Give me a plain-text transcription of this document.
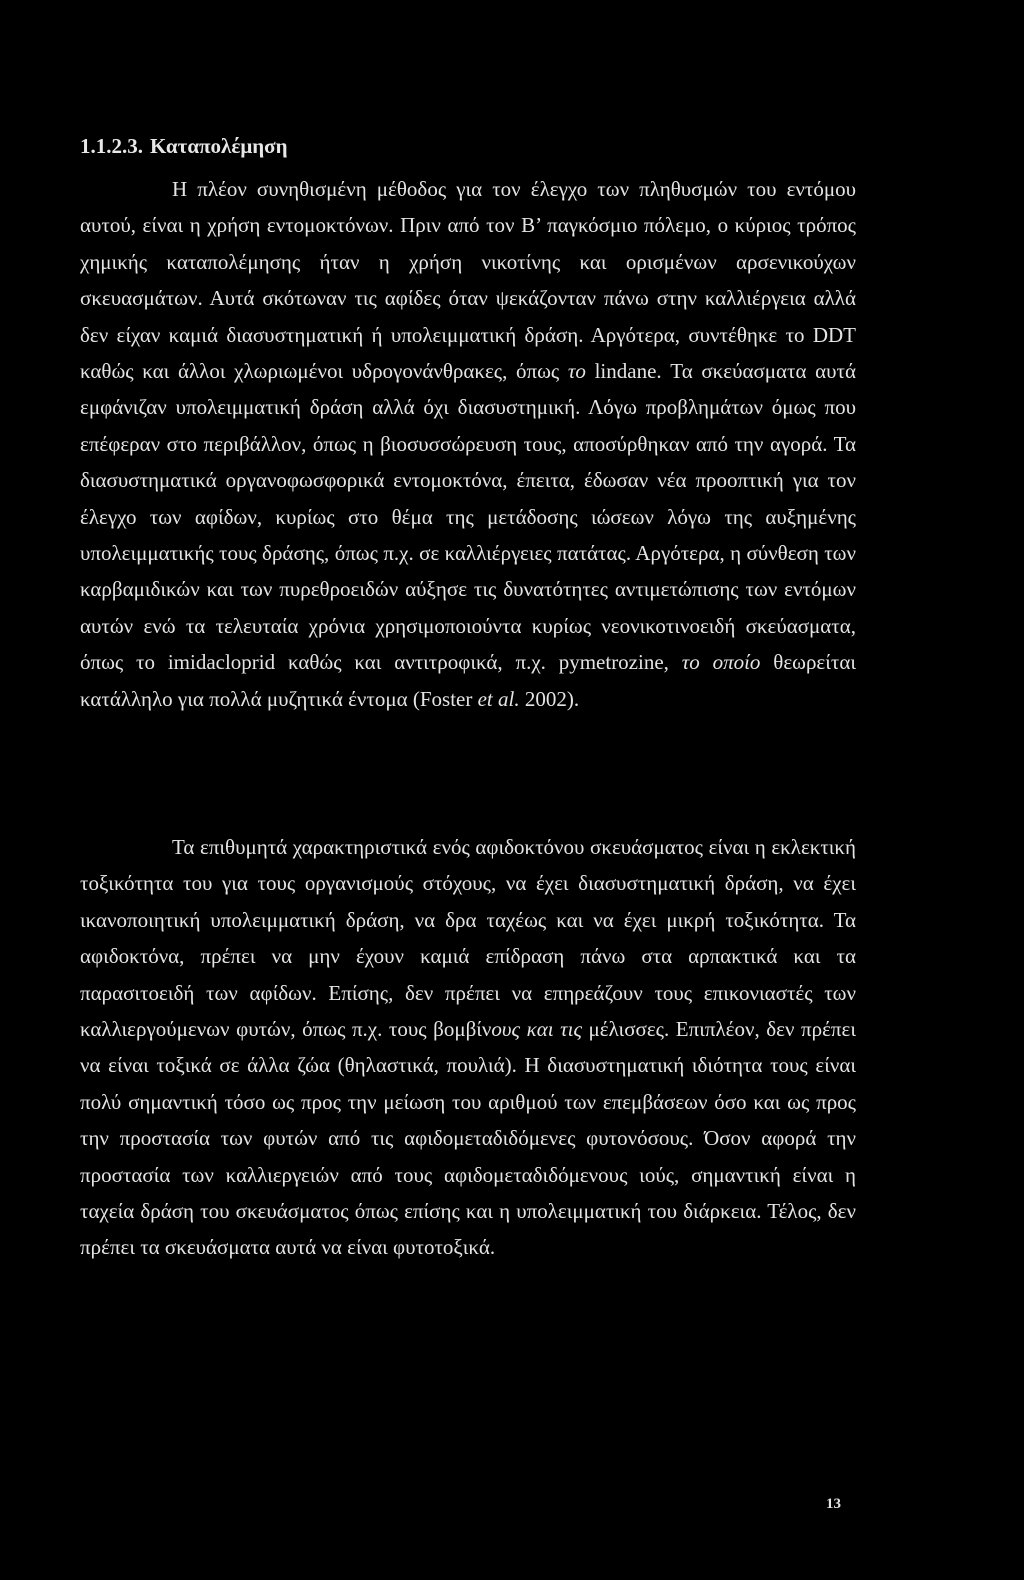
1.1.2.3. Καταπολέμηση

Η πλέον συνηθισμένη μέθοδος για τον έλεγχο των πληθυσμών του εντόμου αυτού, είναι η χρήση εντομοκτόνων. Πριν από τον Β’ παγκόσμιο πόλεμο, ο κύριος τρόπος χημικής καταπολέμησης ήταν η χρήση νικοτίνης και ορισμένων αρσενικούχων σκευασμάτων. Αυτά σκότωναν τις αφίδες όταν ψεκάζονταν πάνω στην καλλιέργεια αλλά δεν είχαν καμιά διασυστηματική ή υπολειμματική δράση. Αργότερα, συντέθηκε το DDT καθώς και άλλοι χλωριωμένοι υδρογονάνθρακες, όπως το lindane. Τα σκεύασματα αυτά εμφάνιζαν υπολειμματική δράση αλλά όχι διασυστημική. Λόγω προβλημάτων όμως που επέφεραν στο περιβάλλον, όπως η βιοσυσσώρευση τους, αποσύρθηκαν από την αγορά. Τα διασυστηματικά οργανοφωσφορικά εντομοκτόνα, έπειτα, έδωσαν νέα προοπτική για τον έλεγχο των αφίδων, κυρίως στο θέμα της μετάδοσης ιώσεων λόγω της αυξημένης υπολειμματικής τους δράσης, όπως π.χ. σε καλλιέργειες πατάτας. Αργότερα, η σύνθεση των καρβαμιδικών και των πυρεθροειδών αύξησε τις δυνατότητες αντιμετώπισης των εντόμων αυτών ενώ τα τελευταία χρόνια χρησιμοποιούντα κυρίως νεονικοτινοειδή σκεύασματα, όπως το imidacloprid καθώς και αντιτροφικά, π.χ. pymetrozine, το οποίο θεωρείται κατάλληλο για πολλά μυζητικά έντομα (Foster et al. 2002).

Τα επιθυμητά χαρακτηριστικά ενός αφιδοκτόνου σκευάσματος είναι η εκλεκτική τοξικότητα του για τους οργανισμούς στόχους, να έχει διασυστηματική δράση, να έχει ικανοποιητική υπολειμματική δράση, να δρα ταχέως και να έχει μικρή τοξικότητα. Τα αφιδοκτόνα, πρέπει να μην έχουν καμιά επίδραση πάνω στα αρπακτικά και τα παρασιτοειδή των αφίδων. Επίσης, δεν πρέπει να επηρεάζουν τους επικονιαστές των καλλιεργούμενων φυτών, όπως π.χ. τους βομβίνους και τις μέλισσες. Επιπλέον, δεν πρέπει να είναι τοξικά σε άλλα ζώα (θηλαστικά, πουλιά). Η διασυστηματική ιδιότητα τους είναι πολύ σημαντική τόσο ως προς την μείωση του αριθμού των επεμβάσεων όσο και ως προς την προστασία των φυτών από τις αφιδομεταδιδόμενες φυτονόσους. Όσον αφορά την προστασία των καλλιεργειών από τους αφιδομεταδιδόμενους ιούς, σημαντική είναι η ταχεία δράση του σκευάσματος όπως επίσης και η υπολειμματική του διάρκεια. Τέλος, δεν πρέπει τα σκευάσματα αυτά να είναι φυτοτοξικά.

13
